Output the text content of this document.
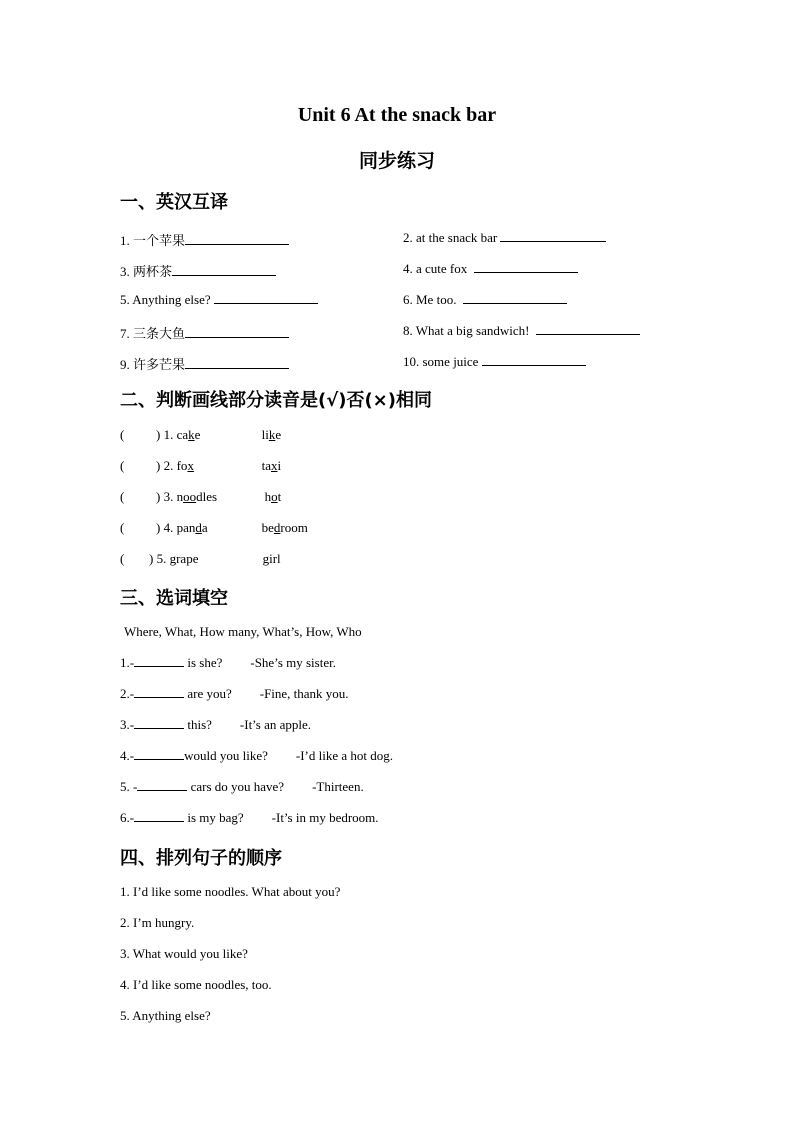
Unit 6 At the snack bar
同步练习
一、英汉互译
1. 一个苹果	2. at the snack bar
3. 两杯茶	4. a cute fox
5. Anything else?	6. Me too.
7. 三条大鱼	8. What a big sandwich!
9. 许多芒果	10. some juice
二、判断画线部分读音是(√)否(×)相同
( ) 1. cake	like
( ) 2. fox	taxi
( ) 3. noodles	hot
( ) 4. panda	bedroom
( ) 5. grape	girl
三、选词填空
Where, What, How many, What’s, How, Who
1.-	is she? -She’s my sister.
2.-	are you? -Fine, thank you.
3.-	this? -It’s an apple.
4.-	would you like? -I’d like a hot dog.
5. -	cars do you have? -Thirteen.
6.-	is my bag? -It’s in my bedroom.
四、排列句子的顺序
1. I’d like some noodles. What about you?
2. I’m hungry.
3. What would you like?
4. I’d like some noodles, too.
5. Anything else?
